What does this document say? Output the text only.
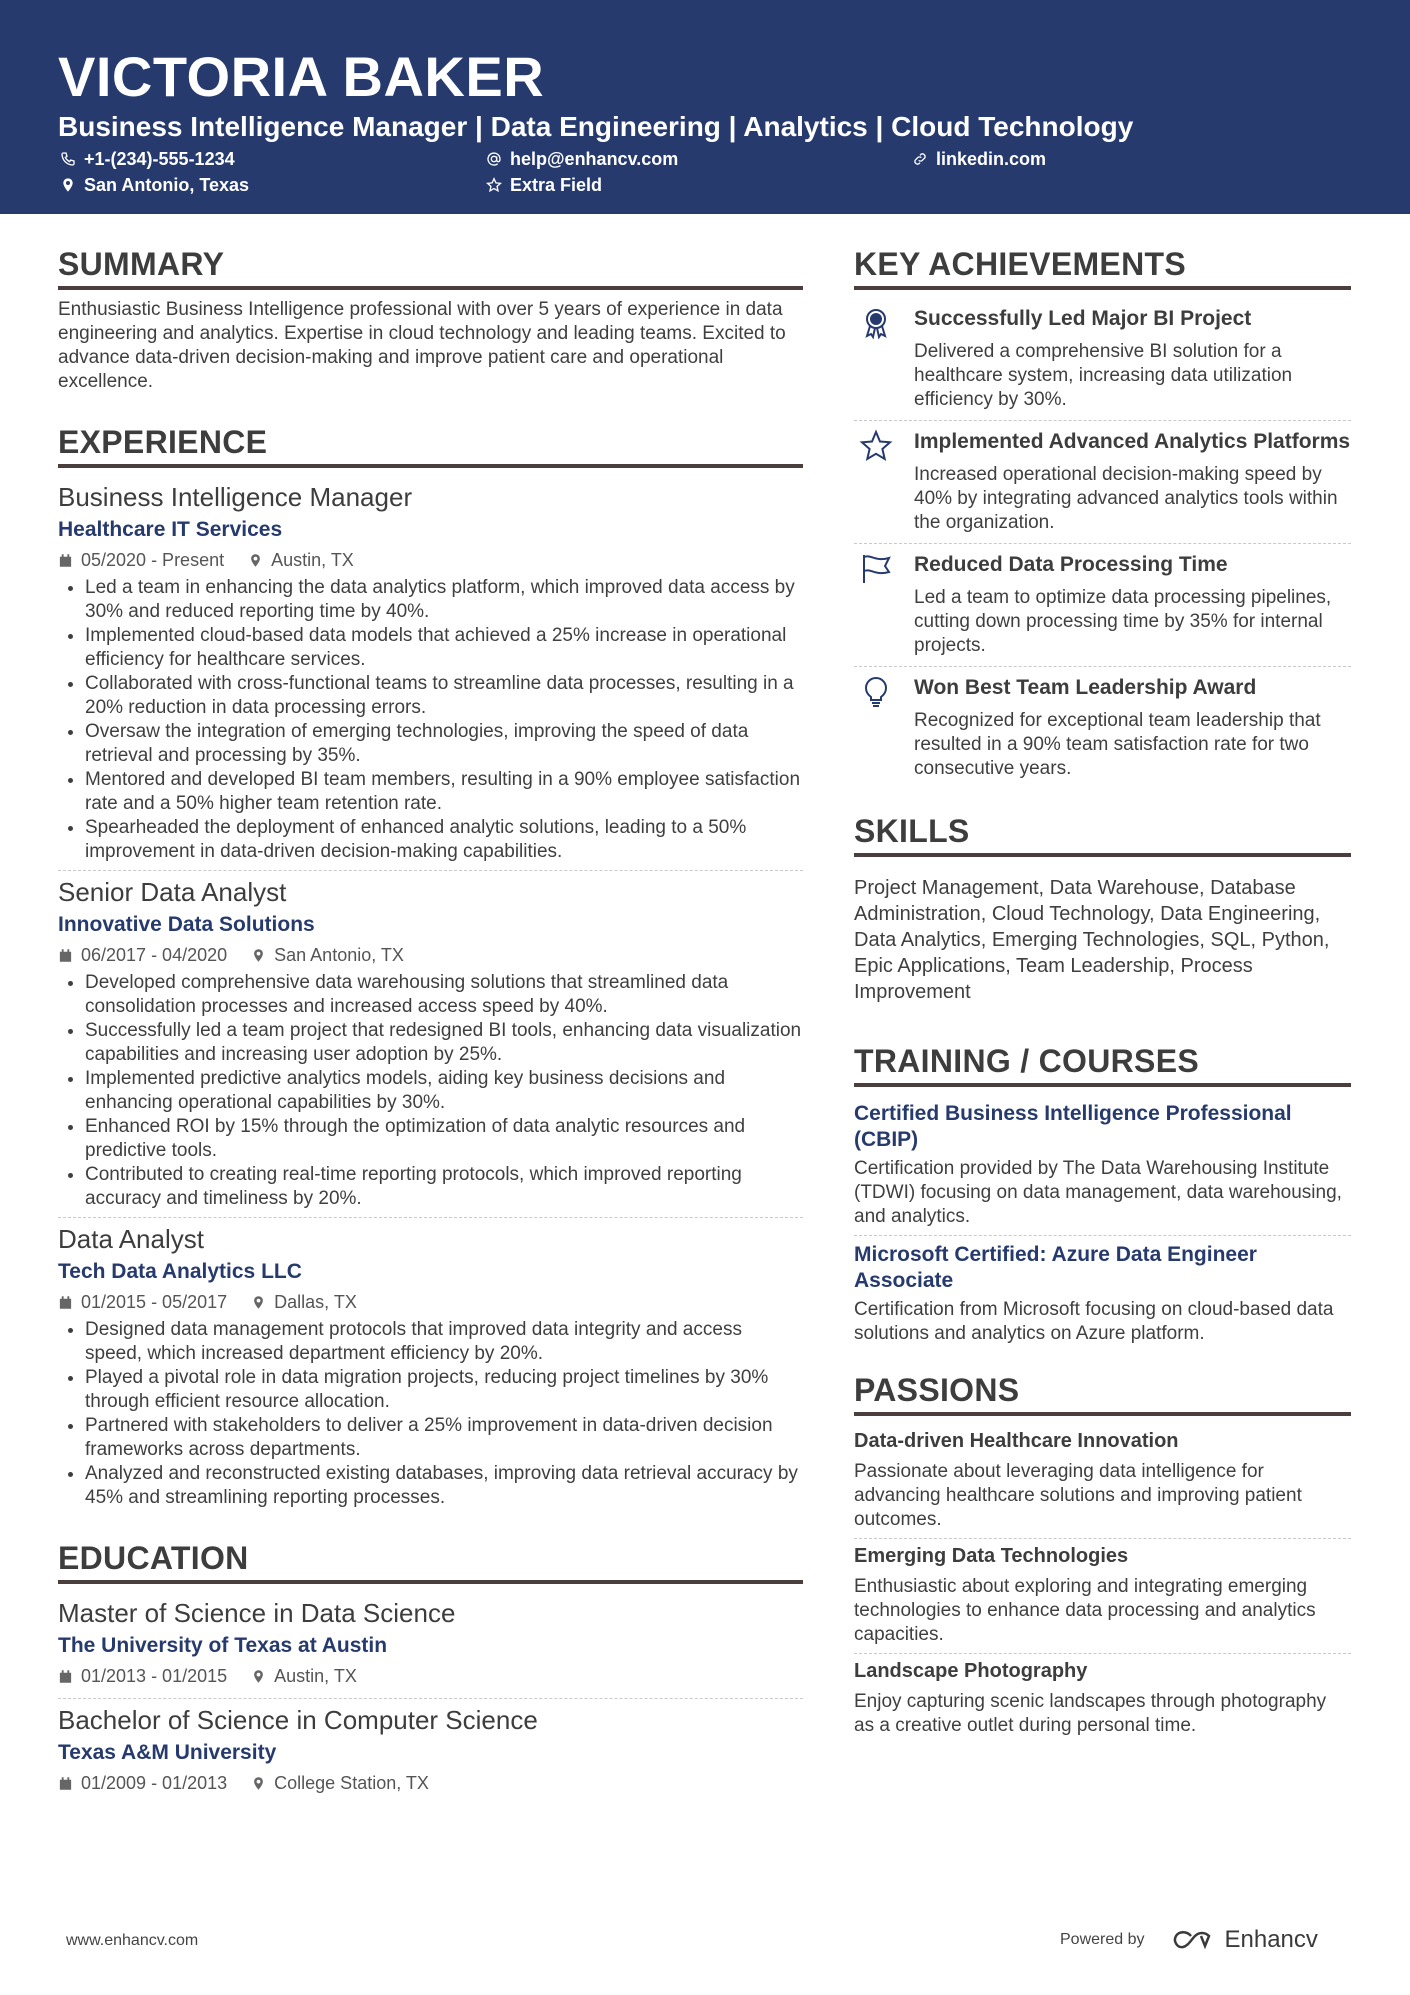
VICTORIA BAKER
Business Intelligence Manager | Data Engineering | Analytics | Cloud Technology
+1-(234)-555-1234	help@enhancv.com	linkedin.com
San Antonio, Texas	Extra Field
SUMMARY

Enthusiastic Business Intelligence professional with over 5 years of experience in data engineering and analytics. Expertise in cloud technology and leading teams. Excited to advance data-driven decision-making and improve patient care and operational excellence.

EXPERIENCE
Business Intelligence Manager
Healthcare IT Services
05/2020 - Present	Austin, TX
• Led a team in enhancing the data analytics platform, which improved data access by 30% and reduced reporting time by 40%.
• Implemented cloud-based data models that achieved a 25% increase in operational efficiency for healthcare services.
• Collaborated with cross-functional teams to streamline data processes, resulting in a 20% reduction in data processing errors.
• Oversaw the integration of emerging technologies, improving the speed of data retrieval and processing by 35%.
• Mentored and developed BI team members, resulting in a 90% employee satisfaction rate and a 50% higher team retention rate.
• Spearheaded the deployment of enhanced analytic solutions, leading to a 50% improvement in data-driven decision-making capabilities.
Senior Data Analyst
Innovative Data Solutions
06/2017 - 04/2020	San Antonio, TX
• Developed comprehensive data warehousing solutions that streamlined data consolidation processes and increased access speed by 40%.
• Successfully led a team project that redesigned BI tools, enhancing data visualization capabilities and increasing user adoption by 25%.
• Implemented predictive analytics models, aiding key business decisions and enhancing operational capabilities by 30%.
• Enhanced ROI by 15% through the optimization of data analytic resources and predictive tools.
• Contributed to creating real-time reporting protocols, which improved reporting accuracy and timeliness by 20%.
Data Analyst
Tech Data Analytics LLC
01/2015 - 05/2017	Dallas, TX
• Designed data management protocols that improved data integrity and access speed, which increased department efficiency by 20%.
• Played a pivotal role in data migration projects, reducing project timelines by 30% through efficient resource allocation.
• Partnered with stakeholders to deliver a 25% improvement in data-driven decision frameworks across departments.
• Analyzed and reconstructed existing databases, improving data retrieval accuracy by 45% and streamlining reporting processes.
EDUCATION
Master of Science in Data Science
The University of Texas at Austin
01/2013 - 01/2015	Austin, TX
Bachelor of Science in Computer Science
Texas A&M University
01/2009 - 01/2013	College Station, TX
KEY ACHIEVEMENTS
Successfully Led Major BI Project
Delivered a comprehensive BI solution for a healthcare system, increasing data utilization efficiency by 30%.
Implemented Advanced Analytics Platforms
Increased operational decision-making speed by 40% by integrating advanced analytics tools within the organization.
Reduced Data Processing Time
Led a team to optimize data processing pipelines, cutting down processing time by 35% for internal projects.
Won Best Team Leadership Award
Recognized for exceptional team leadership that resulted in a 90% team satisfaction rate for two consecutive years.
SKILLS

Project Management, Data Warehouse, Database Administration, Cloud Technology, Data Engineering, Data Analytics, Emerging Technologies, SQL, Python, Epic Applications, Team Leadership, Process Improvement

TRAINING / COURSES
Certified Business Intelligence Professional (CBIP)
Certification provided by The Data Warehousing Institute (TDWI) focusing on data management, data warehousing, and analytics.
Microsoft Certified: Azure Data Engineer Associate
Certification from Microsoft focusing on cloud-based data solutions and analytics on Azure platform.
PASSIONS
Data-driven Healthcare Innovation
Passionate about leveraging data intelligence for advancing healthcare solutions and improving patient outcomes.
Emerging Data Technologies
Enthusiastic about exploring and integrating emerging technologies to enhance data processing and analytics capacities.
Landscape Photography
Enjoy capturing scenic landscapes through photography as a creative outlet during personal time.
www.enhancv.com	Powered by	Enhancv
